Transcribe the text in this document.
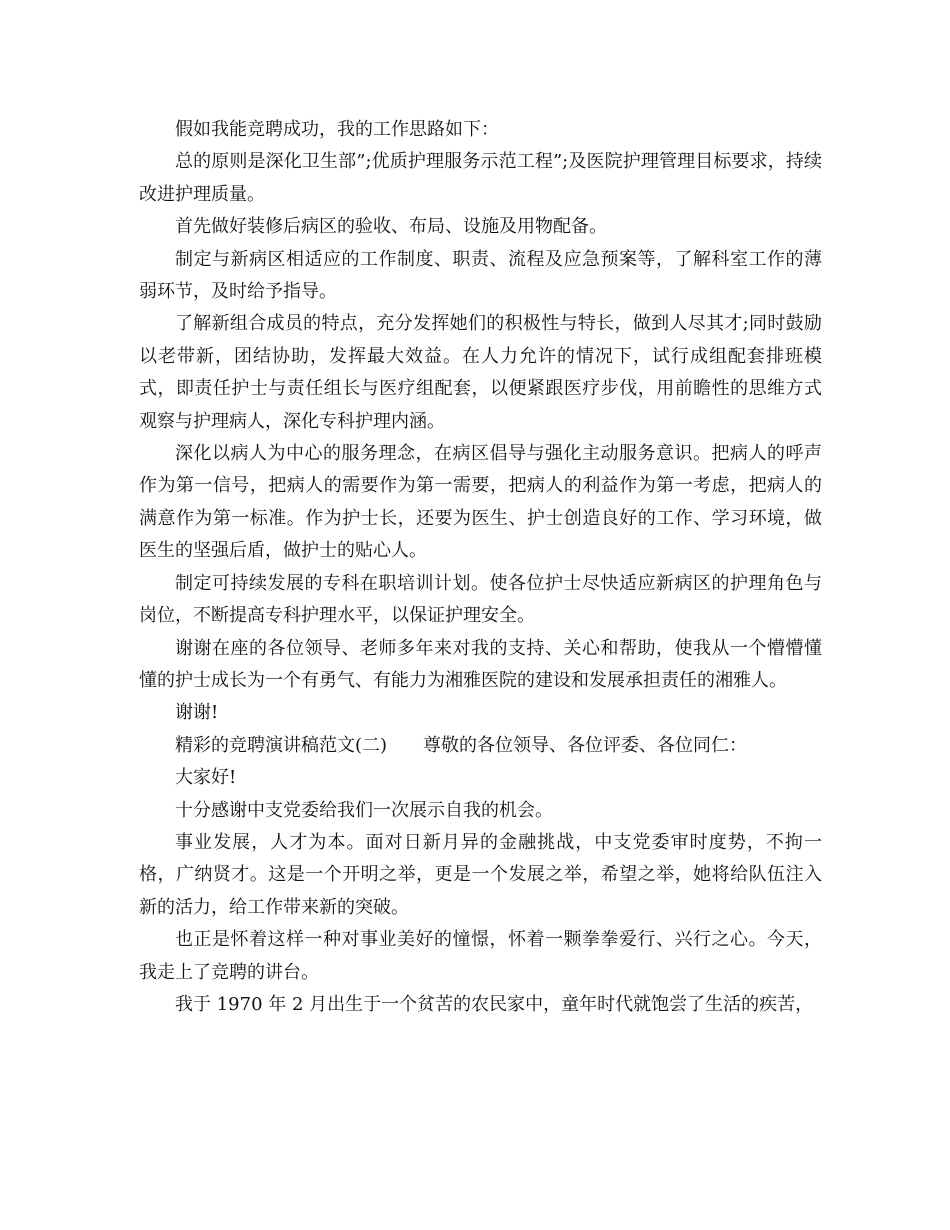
假如我能竞聘成功，我的工作思路如下：

总的原则是深化卫生部”;优质护理服务示范工程”;及医院护理管理目标要求，持续改进护理质量。

首先做好装修后病区的验收、布局、设施及用物配备。

制定与新病区相适应的工作制度、职责、流程及应急预案等，了解科室工作的薄弱环节，及时给予指导。

了解新组合成员的特点，充分发挥她们的积极性与特长，做到人尽其才;同时鼓励以老带新，团结协助，发挥最大效益。在人力允许的情况下，试行成组配套排班模式，即责任护士与责任组长与医疗组配套，以便紧跟医疗步伐，用前瞻性的思维方式观察与护理病人，深化专科护理内涵。

深化以病人为中心的服务理念，在病区倡导与强化主动服务意识。把病人的呼声作为第一信号，把病人的需要作为第一需要，把病人的利益作为第一考虑，把病人的满意作为第一标准。作为护士长，还要为医生、护士创造良好的工作、学习环境，做医生的坚强后盾，做护士的贴心人。

制定可持续发展的专科在职培训计划。使各位护士尽快适应新病区的护理角色与岗位，不断提高专科护理水平，以保证护理安全。

谢谢在座的各位领导、老师多年来对我的支持、关心和帮助，使我从一个懵懵懂懂的护士成长为一个有勇气、有能力为湘雅医院的建设和发展承担责任的湘雅人。

谢谢!

精彩的竞聘演讲稿范文(二)　　尊敬的各位领导、各位评委、各位同仁：

大家好!

十分感谢中支党委给我们一次展示自我的机会。

事业发展，人才为本。面对日新月异的金融挑战，中支党委审时度势，不拘一格，广纳贤才。这是一个开明之举，更是一个发展之举，希望之举，她将给队伍注入新的活力，给工作带来新的突破。

也正是怀着这样一种对事业美好的憧憬，怀着一颗拳拳爱行、兴行之心。今天，我走上了竞聘的讲台。

我于 1970 年 2 月出生于一个贫苦的农民家中，童年时代就饱尝了生活的疾苦，
